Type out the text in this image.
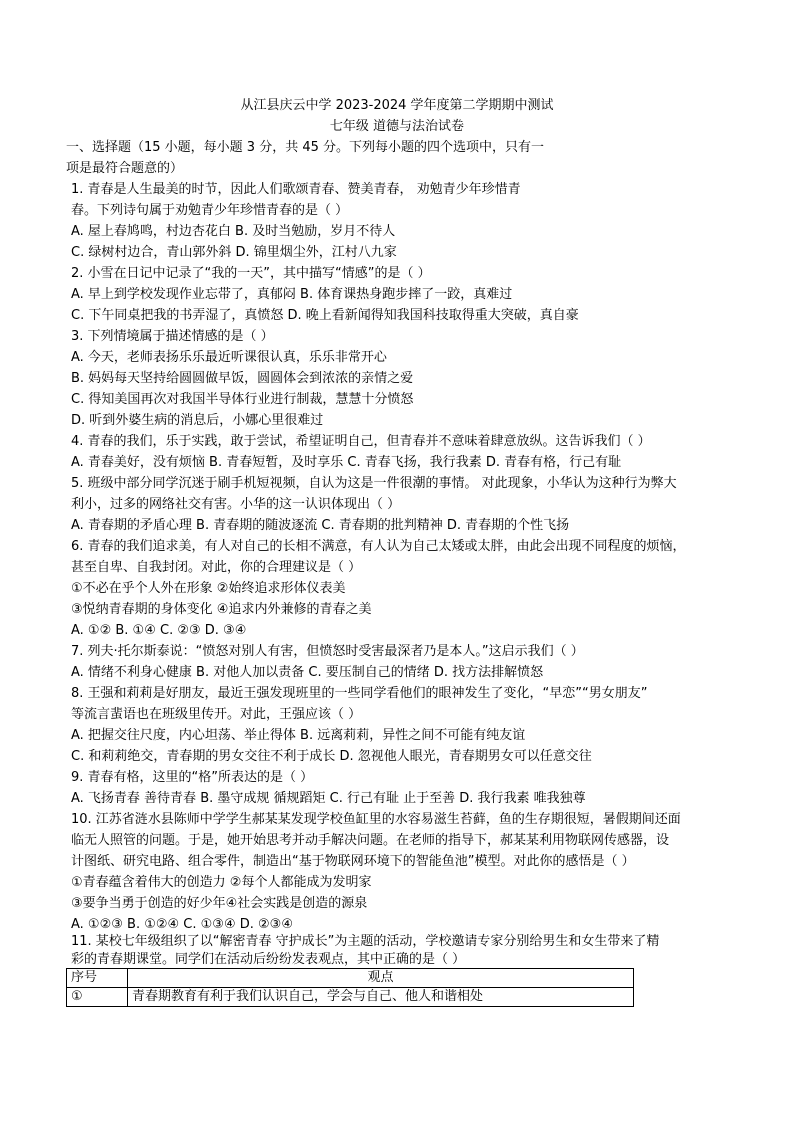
从江县庆云中学 2023-2024 学年度第二学期期中测试
七年级 道德与法治试卷
一、选择题（15 小题，每小题 3 分，共 45 分。下列每小题的四个选项中，只有一
项是最符合题意的）
1. 青春是人生最美的时节，因此人们歌颂青春、赞美青春， 劝勉青少年珍惜青
春。下列诗句属于劝勉青少年珍惜青春的是（ ）
A. 屋上春鸠鸣，村边杏花白 B. 及时当勉励，岁月不待人
C. 绿树村边合，青山郭外斜 D. 锦里烟尘外，江村八九家
2. 小雪在日记中记录了“我的一天”，其中描写“情感”的是（ ）
A. 早上到学校发现作业忘带了，真郁闷 B. 体育课热身跑步摔了一跤，真难过
C. 下午同桌把我的书弄湿了，真愤怒 D. 晚上看新闻得知我国科技取得重大突破，真自豪
3. 下列情境属于描述情感的是（ ）
A. 今天，老师表扬乐乐最近听课很认真，乐乐非常开心
B. 妈妈每天坚持给圆圆做早饭，圆圆体会到浓浓的亲情之爱
C. 得知美国再次对我国半导体行业进行制裁，慧慧十分愤怒
D. 听到外婆生病的消息后，小娜心里很难过
4. 青春的我们，乐于实践，敢于尝试，希望证明自己，但青春并不意味着肆意放纵。这告诉我们（ ）
A. 青春美好，没有烦恼 B. 青春短暂，及时享乐 C. 青春飞扬，我行我素 D. 青春有格，行己有耻
5. 班级中部分同学沉迷于刷手机短视频，自认为这是一件很潮的事情。 对此现象，小华认为这种行为弊大
利小，过多的网络社交有害。小华的这一认识体现出（ ）
A. 青春期的矛盾心理 B. 青春期的随波逐流 C. 青春期的批判精神 D. 青春期的个性飞扬
6. 青春的我们追求美，有人对自己的长相不满意，有人认为自己太矮或太胖，由此会出现不同程度的烦恼，
甚至自卑、自我封闭。对此，你的合理建议是（ ）
①不必在乎个人外在形象 ②始终追求形体仪表美
③悦纳青春期的身体变化 ④追求内外兼修的青春之美
A. ①② B. ①④ C. ②③ D. ③④
7. 列夫·托尔斯泰说：“愤怒对别人有害，但愤怒时受害最深者乃是本人。”这启示我们（ ）
A. 情绪不利身心健康 B. 对他人加以责备 C. 要压制自己的情绪 D. 找方法排解愤怒
8. 王强和莉莉是好朋友，最近王强发现班里的一些同学看他们的眼神发生了变化，“早恋”“男女朋友”
等流言蜚语也在班级里传开。对此，王强应该（ ）
A. 把握交往尺度，内心坦荡、举止得体 B. 远离莉莉，异性之间不可能有纯友谊
C. 和莉莉绝交，青春期的男女交往不利于成长 D. 忽视他人眼光，青春期男女可以任意交往
9. 青春有格，这里的“格”所表达的是（ ）
A. 飞扬青春 善待青春 B. 墨守成规 循规蹈矩 C. 行己有耻 止于至善 D. 我行我素 唯我独尊
10. 江苏省涟水县陈师中学学生郝某某发现学校鱼缸里的水容易滋生苔藓，鱼的生存期很短，暑假期间还面
临无人照管的问题。于是，她开始思考并动手解决问题。在老师的指导下，郝某某利用物联网传感器，设
计图纸、研究电路、组合零件，制造出“基于物联网环境下的智能鱼池”模型。对此你的感悟是（ ）
①青春蕴含着伟大的创造力 ②每个人都能成为发明家
③要争当勇于创造的好少年④社会实践是创造的源泉
A. ①②③ B. ①②④ C. ①③④ D. ②③④
11. 某校七年级组织了以“解密青春 守护成长”为主题的活动，学校邀请专家分别给男生和女生带来了精
彩的青春期课堂。同学们在活动后纷纷发表观点，其中正确的是（ ）
序号	观点
①	青春期教育有利于我们认识自己，学会与自己、他人和谐相处
